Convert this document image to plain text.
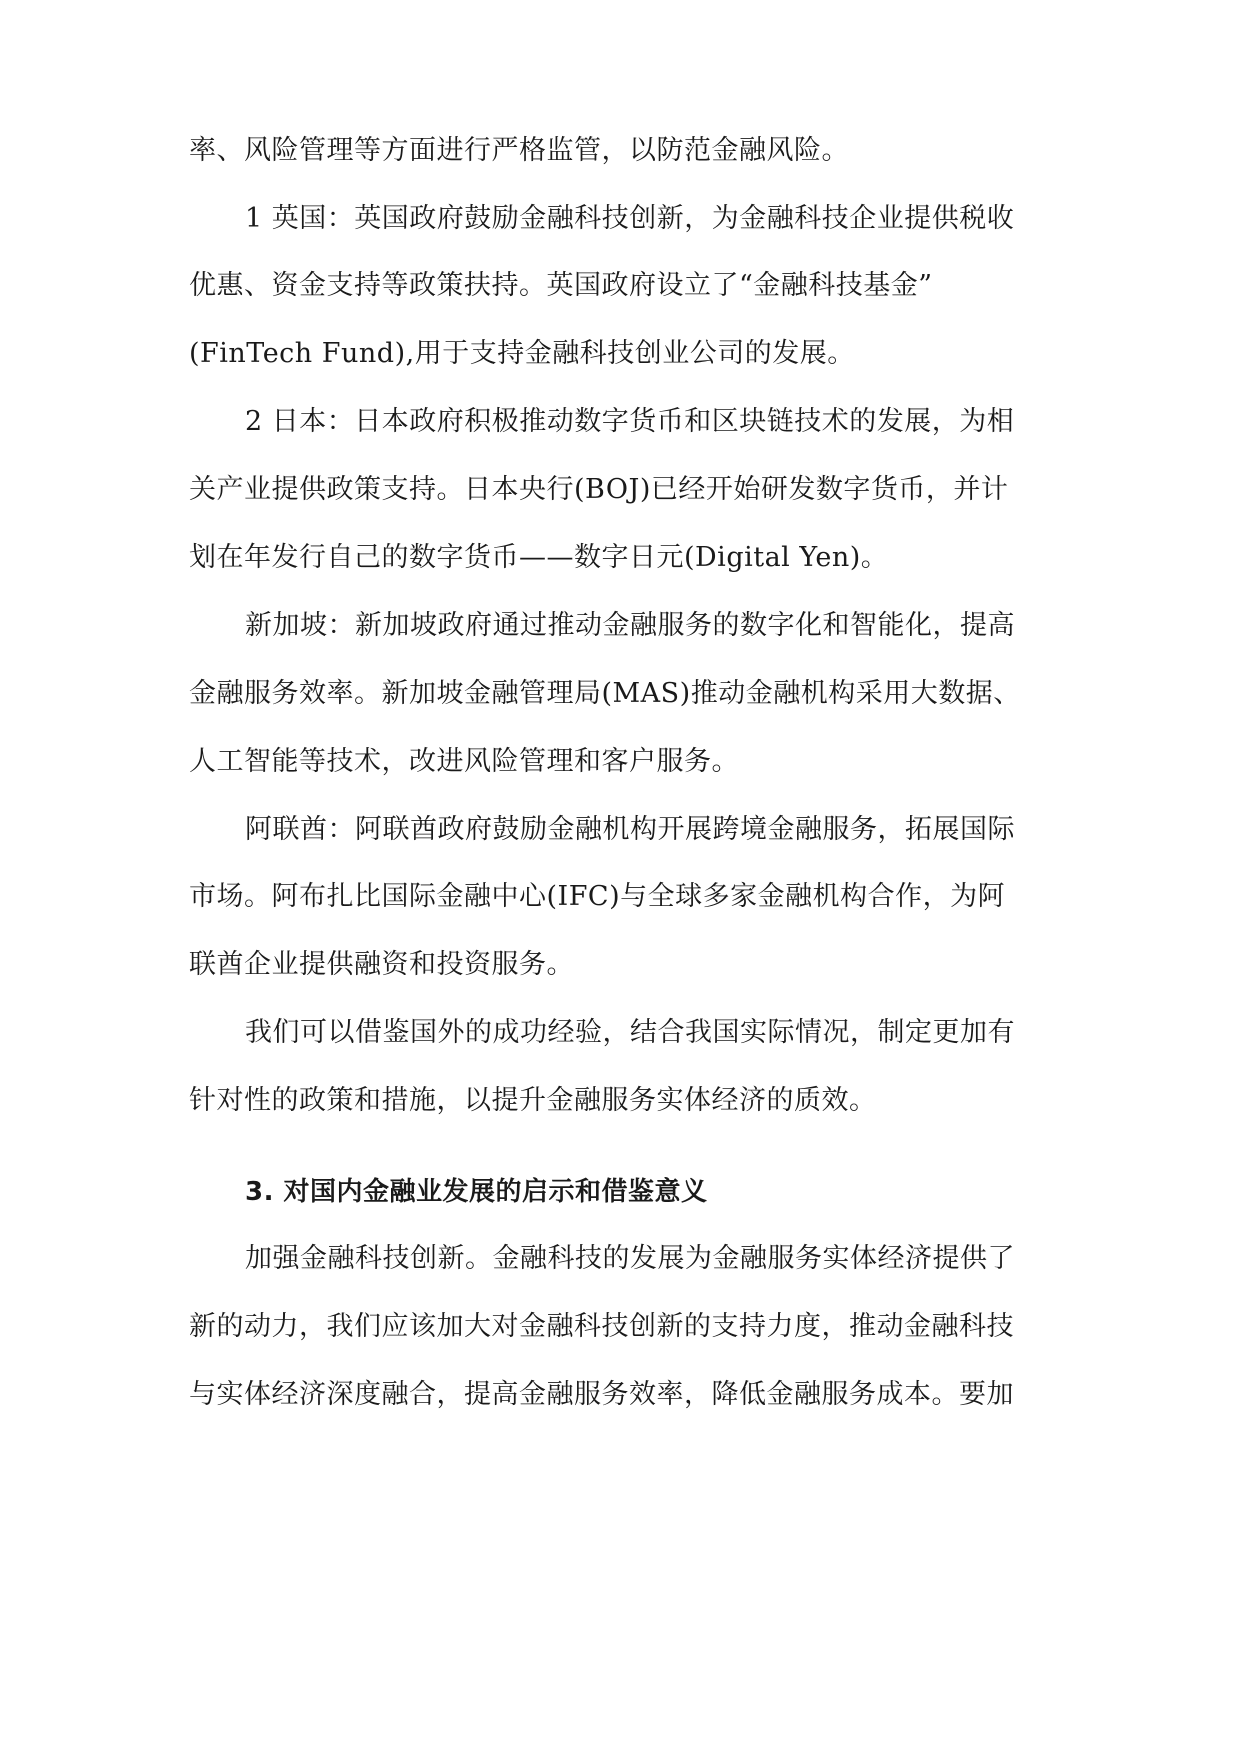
率、风险管理等方面进行严格监管，以防范金融风险。
1 英国：英国政府鼓励金融科技创新，为金融科技企业提供税收
优惠、资金支持等政策扶持。英国政府设立了“金融科技基金”
(FinTech Fund),用于支持金融科技创业公司的发展。
2 日本：日本政府积极推动数字货币和区块链技术的发展，为相
关产业提供政策支持。日本央行(BOJ)已经开始研发数字货币，并计
划在年发行自己的数字货币——数字日元(Digital Yen)。
新加坡：新加坡政府通过推动金融服务的数字化和智能化，提高
金融服务效率。新加坡金融管理局(MAS)推动金融机构采用大数据、
人工智能等技术，改进风险管理和客户服务。
阿联酋：阿联酋政府鼓励金融机构开展跨境金融服务，拓展国际
市场。阿布扎比国际金融中心(IFC)与全球多家金融机构合作，为阿
联酋企业提供融资和投资服务。
我们可以借鉴国外的成功经验，结合我国实际情况，制定更加有
针对性的政策和措施，以提升金融服务实体经济的质效。
3. 对国内金融业发展的启示和借鉴意义
加强金融科技创新。金融科技的发展为金融服务实体经济提供了
新的动力，我们应该加大对金融科技创新的支持力度，推动金融科技
与实体经济深度融合，提高金融服务效率，降低金融服务成本。要加
